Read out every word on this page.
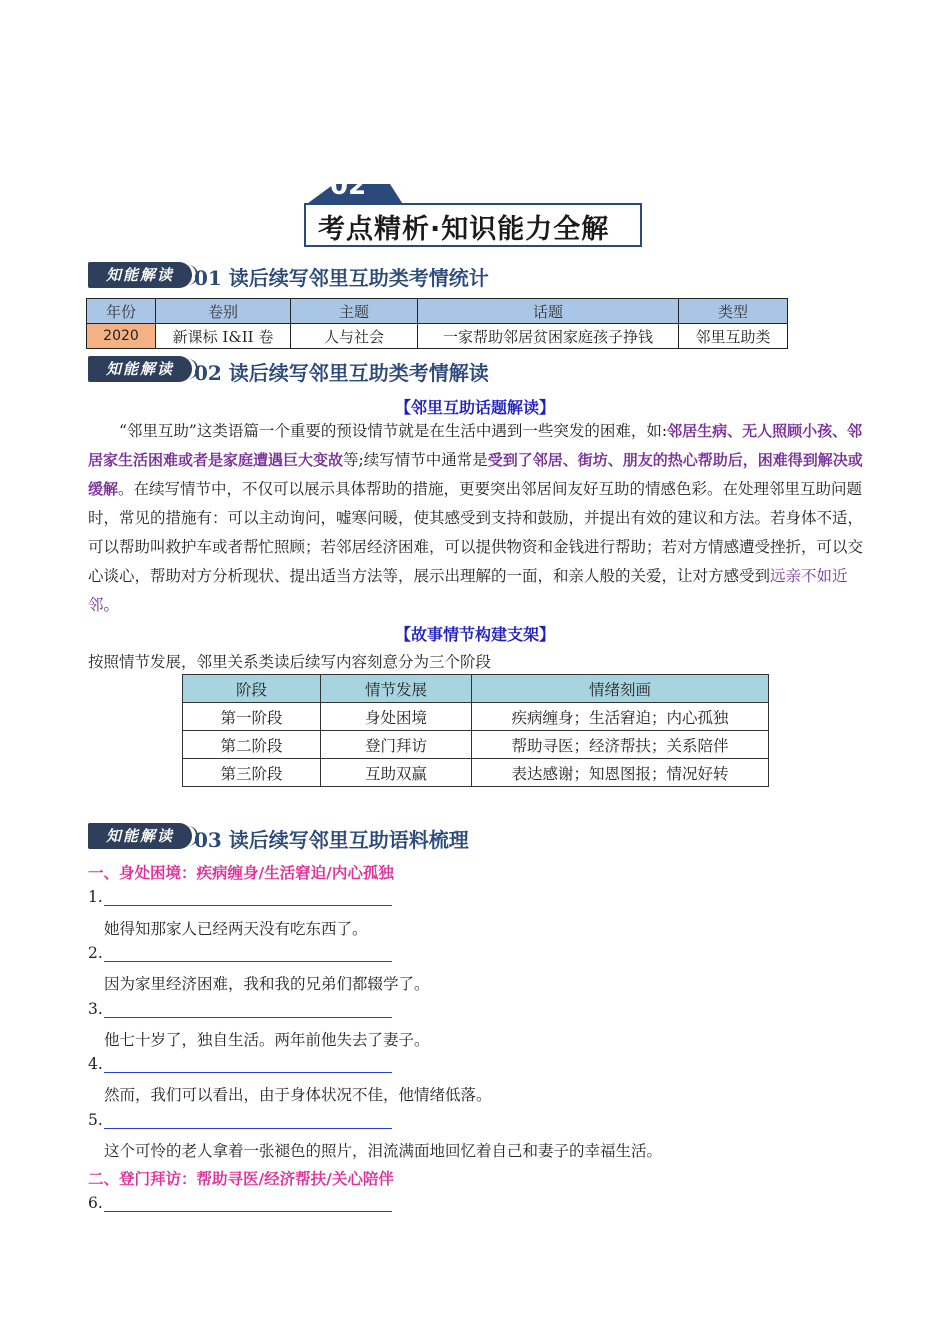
02
考点精析·知识能力全解
知能解读	01 读后续写邻里互助类考情统计
年份	卷别	主题	话题	类型
2020	新课标 I&II 卷	人与社会	一家帮助邻居贫困家庭孩子挣钱	邻里互助类
知能解读	02 读后续写邻里互助类考情解读
【邻里互助话题解读】
“邻里互助”这类语篇一个重要的预设情节就是在生活中遇到一些突发的困难，如:邻居生病、无人照顾小孩、邻居家生活困难或者是家庭遭遇巨大变故等;续写情节中通常是受到了邻居、街坊、朋友的热心帮助后，困难得到解决或缓解。在续写情节中，不仅可以展示具体帮助的措施，更要突出邻居间友好互助的情感色彩。在处理邻里互助问题时，常见的措施有：可以主动询问，嘘寒问暖，使其感受到支持和鼓励，并提出有效的建议和方法。若身体不适，可以帮助叫救护车或者帮忙照顾；若邻居经济困难，可以提供物资和金钱进行帮助；若对方情感遭受挫折，可以交心谈心，帮助对方分析现状、提出适当方法等，展示出理解的一面，和亲人般的关爱，让对方感受到远亲不如近邻。
【故事情节构建支架】
按照情节发展，邻里关系类读后续写内容刻意分为三个阶段
阶段	情节发展	情绪刻画
第一阶段	身处困境	疾病缠身；生活窘迫；内心孤独
第二阶段	登门拜访	帮助寻医；经济帮扶；关系陪伴
第三阶段	互助双赢	表达感谢；知恩图报；情况好转
知能解读	03 读后续写邻里互助语料梳理
一、身处困境：疾病缠身/生活窘迫/内心孤独
1.
她得知那家人已经两天没有吃东西了。
2.
因为家里经济困难，我和我的兄弟们都辍学了。
3.
他七十岁了，独自生活。两年前他失去了妻子。
4.
然而，我们可以看出，由于身体状况不佳，他情绪低落。
5.
这个可怜的老人拿着一张褪色的照片，泪流满面地回忆着自己和妻子的幸福生活。
二、登门拜访：帮助寻医/经济帮扶/关心陪伴
6.
